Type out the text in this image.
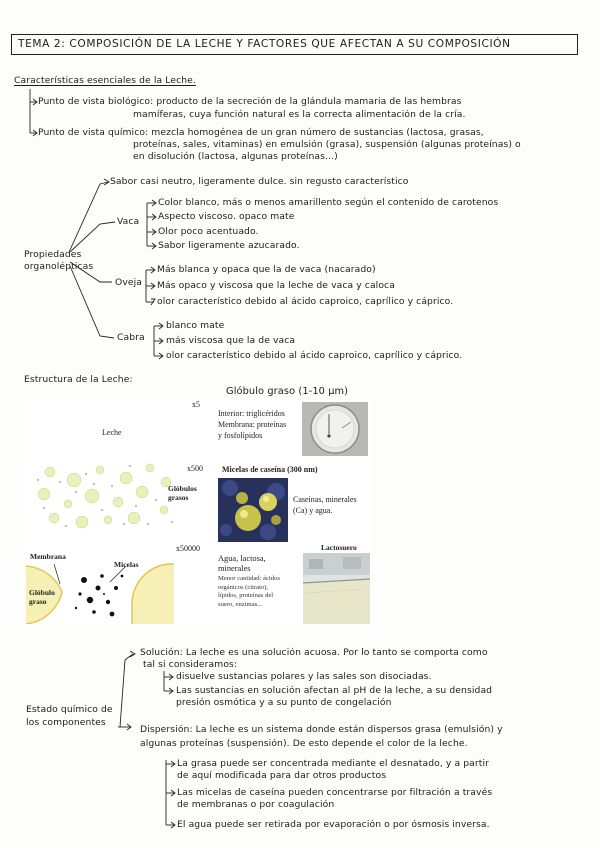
TEMA 2: COMPOSICIÓN DE LA LECHE Y FACTORES QUE AFECTAN A SU COMPOSICIÓN
Características esenciales de la Leche.
Punto de vista biológico: producto de la secreción de la glándula mamaria de las hembras
mamíferas, cuya función natural es la correcta alimentación de la cría.
Punto de vista químico: mezcla homogénea de un gran número de sustancias (lactosa, grasas,
proteínas, sales, vitaminas) en emulsión (grasa), suspensión (algunas proteínas) o
en disolución (lactosa, algunas proteínas...)
Propiedades
organolépticas
Sabor casi neutro, ligeramente dulce. sin regusto característico
Vaca
Color blanco, más o menos amarillento según el contenido de carotenos
Aspecto viscoso. opaco mate
Olor poco acentuado.
Sabor ligeramente azucarado.
Oveja
Más blanca y opaca que la de vaca (nacarado)
Más opaco y viscosa que la leche de vaca y caloca
olor característico debido al ácido caproico, caprílico y cáprico.
Cabra
blanco mate
más viscosa que la de vaca
olor característico debido al ácido caproico, caprílico y cáprico.
Estructura de la Leche:
Glóbulo graso (1-10 µm)
x5
Leche
Interior: triglicéridos
Membrana: proteínas
y fosfolípidos
x500
Glóbulos
grasos
Micelas de caseína (300 nm)
Caseínas, minerales
(Ca) y agua.
x50000	Lactosuero
Membrana
Micelas
Glóbulo
graso
Agua, lactosa,
minerales
Menor cantidad: ácidos
orgánicos (citrato),
lípidos, proteínas del
suero, enzimas...
Estado químico de
los componentes
Solución: La leche es una solución acuosa. Por lo tanto se comporta como
tal si consideramos:
disuelve sustancias polares y las sales son disociadas.
Las sustancias en solución afectan al pH de la leche, a su densidad
presión osmótica y a su punto de congelación
Dispersión: La leche es un sistema donde están dispersos grasa (emulsión) y
algunas proteínas (suspensión). De esto depende el color de la leche.
La grasa puede ser concentrada mediante el desnatado, y a partir
de aquí modificada para dar otros productos
Las micelas de caseína pueden concentrarse por filtración a través
de membranas o por coagulación
El agua puede ser retirada por evaporación o por ósmosis inversa.
